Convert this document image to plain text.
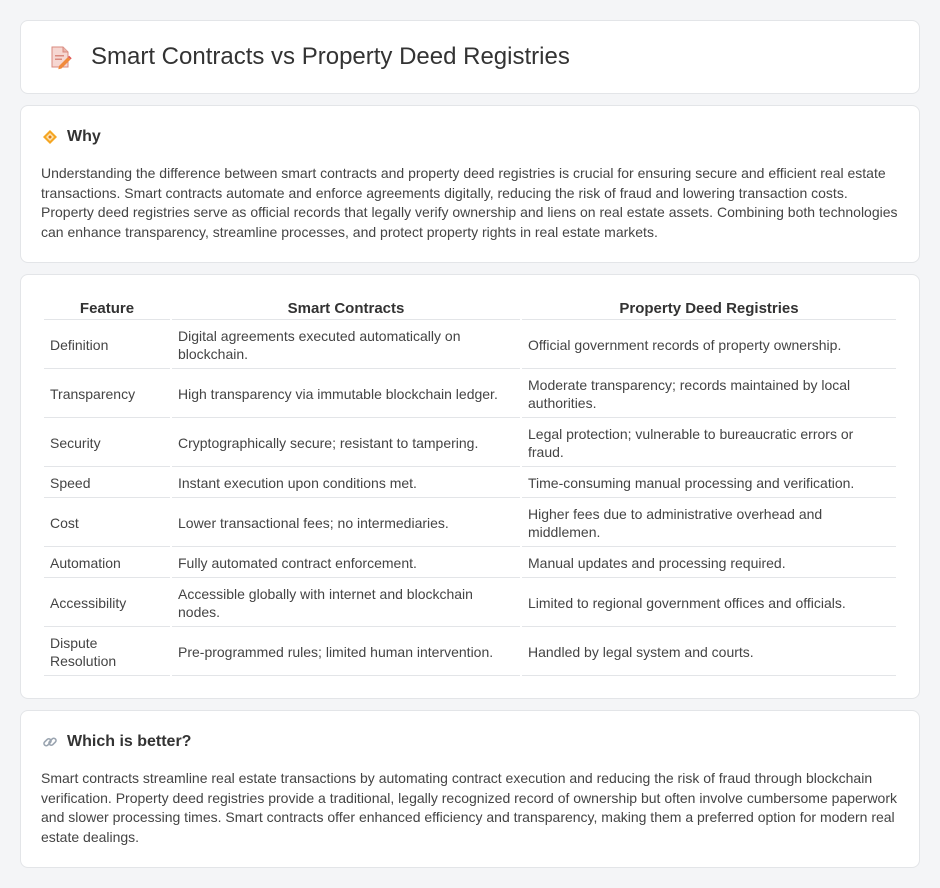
Smart Contracts vs Property Deed Registries
Why

Understanding the difference between smart contracts and property deed registries is crucial for ensuring secure and efficient real estate transactions. Smart contracts automate and enforce agreements digitally, reducing the risk of fraud and lowering transaction costs. Property deed registries serve as official records that legally verify ownership and liens on real estate assets. Combining both technologies can enhance transparency, streamline processes, and protect property rights in real estate markets.

Feature	Smart Contracts	Property Deed Registries
Definition	Digital agreements executed automatically on blockchain.	Official government records of property ownership.
Transparency	High transparency via immutable blockchain ledger.	Moderate transparency; records maintained by local authorities.
Security	Cryptographically secure; resistant to tampering.	Legal protection; vulnerable to bureaucratic errors or fraud.
Speed	Instant execution upon conditions met.	Time-consuming manual processing and verification.
Cost	Lower transactional fees; no intermediaries.	Higher fees due to administrative overhead and middlemen.
Automation	Fully automated contract enforcement.	Manual updates and processing required.
Accessibility	Accessible globally with internet and blockchain nodes.	Limited to regional government offices and officials.
Dispute Resolution	Pre-programmed rules; limited human intervention.	Handled by legal system and courts.
Which is better?

Smart contracts streamline real estate transactions by automating contract execution and reducing the risk of fraud through blockchain verification. Property deed registries provide a traditional, legally recognized record of ownership but often involve cumbersome paperwork and slower processing times. Smart contracts offer enhanced efficiency and transparency, making them a preferred option for modern real estate dealings.
